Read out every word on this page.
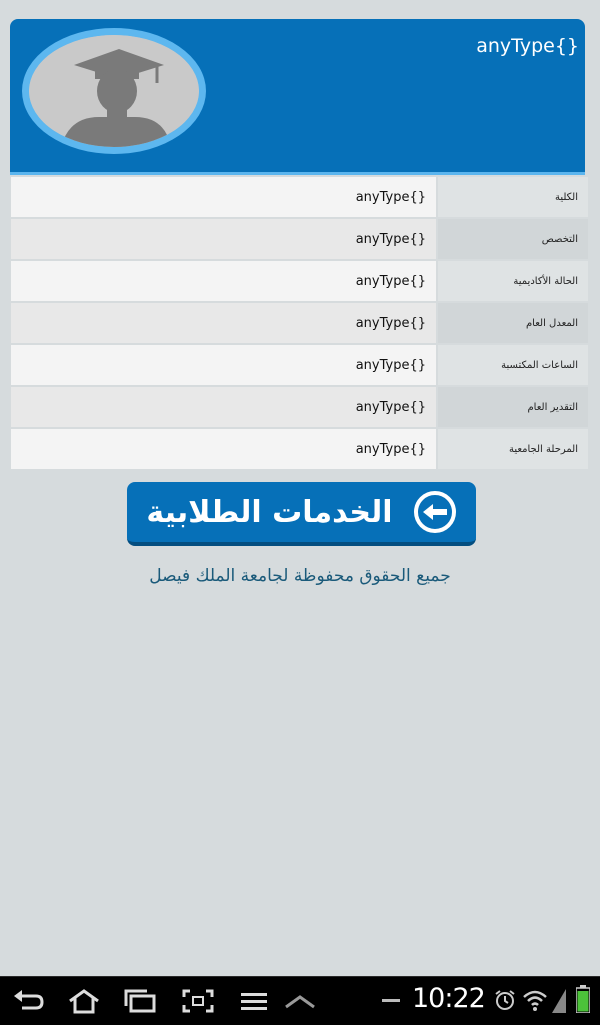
anyType{}
الكلية
anyType{}
التخصص
anyType{}
الحالة الأكاديمية
anyType{}
المعدل العام
anyType{}
الساعات المكتسبة
anyType{}
التقدير العام
anyType{}
المرحلة الجامعية
anyType{}
الخدمات الطلابية
جميع الحقوق محفوظة لجامعة الملك فيصل
10:22
